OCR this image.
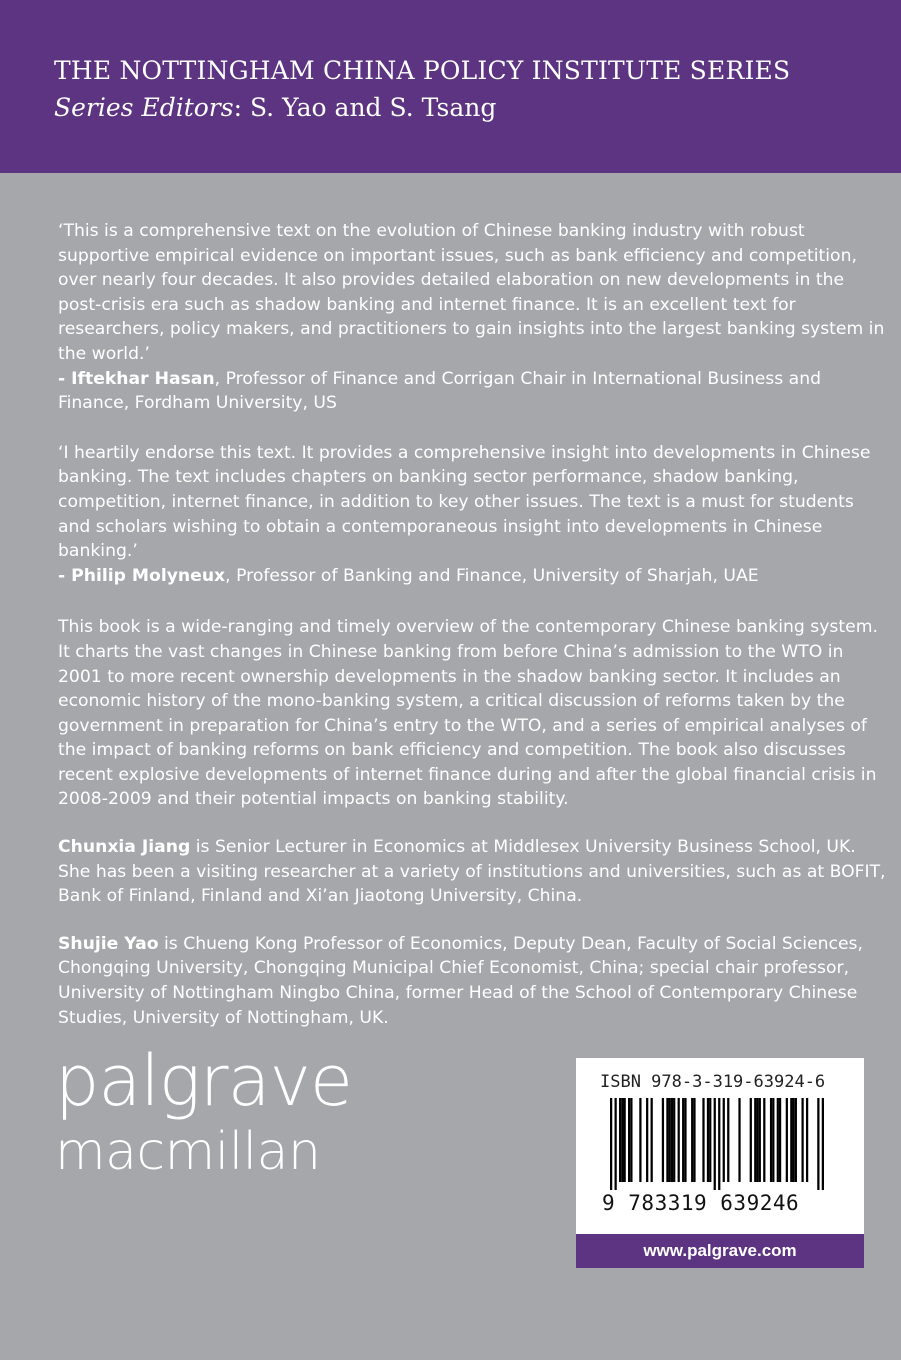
THE NOTTINGHAM CHINA POLICY INSTITUTE SERIES
Series Editors: S. Yao and S. Tsang

‘This is a comprehensive text on the evolution of Chinese banking industry with robust supportive empirical evidence on important issues, such as bank efficiency and competition, over nearly four decades. It also provides detailed elaboration on new developments in the post-crisis era such as shadow banking and internet finance. It is an excellent text for researchers, policy makers, and practitioners to gain insights into the largest banking system in the world.’
- Iftekhar Hasan, Professor of Finance and Corrigan Chair in International Business and Finance, Fordham University, US

‘I heartily endorse this text. It provides a comprehensive insight into developments in Chinese banking. The text includes chapters on banking sector performance, shadow banking, competition, internet finance, in addition to key other issues. The text is a must for students and scholars wishing to obtain a contemporaneous insight into developments in Chinese banking.’
- Philip Molyneux, Professor of Banking and Finance, University of Sharjah, UAE

This book is a wide-ranging and timely overview of the contemporary Chinese banking system. It charts the vast changes in Chinese banking from before China’s admission to the WTO in 2001 to more recent ownership developments in the shadow banking sector. It includes an economic history of the mono-banking system, a critical discussion of reforms taken by the government in preparation for China’s entry to the WTO, and a series of empirical analyses of the impact of banking reforms on bank efficiency and competition. The book also discusses recent explosive developments of internet finance during and after the global financial crisis in 2008-2009 and their potential impacts on banking stability.

Chunxia Jiang is Senior Lecturer in Economics at Middlesex University Business School, UK. She has been a visiting researcher at a variety of institutions and universities, such as at BOFIT, Bank of Finland, Finland and Xi’an Jiaotong University, China.

Shujie Yao is Chueng Kong Professor of Economics, Deputy Dean, Faculty of Social Sciences, Chongqing University, Chongqing Municipal Chief Economist, China; special chair professor, University of Nottingham Ningbo China, former Head of the School of Contemporary Chinese Studies, University of Nottingham, UK.

palgrave
macmillan
ISBN 978-3-319-63924-6
9 783319 639246
www.palgrave.com
